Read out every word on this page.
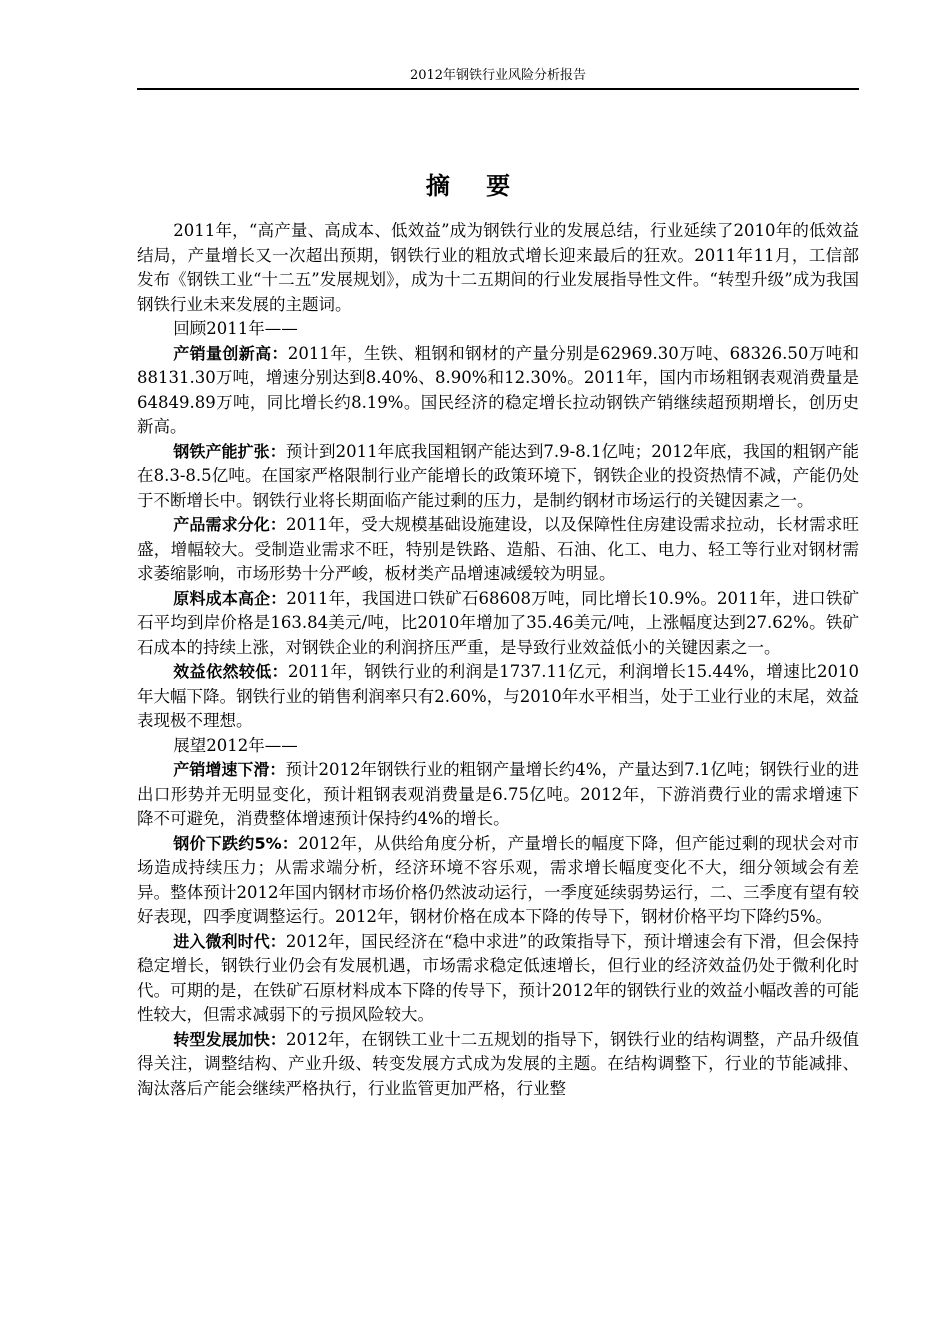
2012年钢铁行业风险分析报告
摘 要

2011年，“高产量、高成本、低效益”成为钢铁行业的发展总结，行业延续了2010年的低效益结局，产量增长又一次超出预期，钢铁行业的粗放式增长迎来最后的狂欢。2011年11月，工信部发布《钢铁工业“十二五”发展规划》，成为十二五期间的行业发展指导性文件。“转型升级”成为我国钢铁行业未来发展的主题词。

回顾2011年——

产销量创新高：2011年，生铁、粗钢和钢材的产量分别是62969.30万吨、68326.50万吨和88131.30万吨，增速分别达到8.40%、8.90%和12.30%。2011年，国内市场粗钢表观消费量是64849.89万吨，同比增长约8.19%。国民经济的稳定增长拉动钢铁产销继续超预期增长，创历史新高。

钢铁产能扩张：预计到2011年底我国粗钢产能达到7.9-8.1亿吨；2012年底，我国的粗钢产能在8.3-8.5亿吨。在国家严格限制行业产能增长的政策环境下，钢铁企业的投资热情不减，产能仍处于不断增长中。钢铁行业将长期面临产能过剩的压力，是制约钢材市场运行的关键因素之一。

产品需求分化：2011年，受大规模基础设施建设，以及保障性住房建设需求拉动，长材需求旺盛，增幅较大。受制造业需求不旺，特别是铁路、造船、石油、化工、电力、轻工等行业对钢材需求萎缩影响，市场形势十分严峻，板材类产品增速减缓较为明显。

原料成本高企：2011年，我国进口铁矿石68608万吨，同比增长10.9%。2011年，进口铁矿石平均到岸价格是163.84美元/吨，比2010年增加了35.46美元/吨，上涨幅度达到27.62%。铁矿石成本的持续上涨，对钢铁企业的利润挤压严重，是导致行业效益低小的关键因素之一。

效益依然较低：2011年，钢铁行业的利润是1737.11亿元，利润增长15.44%，增速比2010年大幅下降。钢铁行业的销售利润率只有2.60%，与2010年水平相当，处于工业行业的末尾，效益表现极不理想。

展望2012年——

产销增速下滑：预计2012年钢铁行业的粗钢产量增长约4%，产量达到7.1亿吨；钢铁行业的进出口形势并无明显变化，预计粗钢表观消费量是6.75亿吨。2012年，下游消费行业的需求增速下降不可避免，消费整体增速预计保持约4%的增长。

钢价下跌约5%：2012年，从供给角度分析，产量增长的幅度下降，但产能过剩的现状会对市场造成持续压力；从需求端分析，经济环境不容乐观，需求增长幅度变化不大，细分领域会有差异。整体预计2012年国内钢材市场价格仍然波动运行，一季度延续弱势运行，二、三季度有望有较好表现，四季度调整运行。2012年，钢材价格在成本下降的传导下，钢材价格平均下降约5%。

进入微利时代：2012年，国民经济在“稳中求进”的政策指导下，预计增速会有下滑，但会保持稳定增长，钢铁行业仍会有发展机遇，市场需求稳定低速增长，但行业的经济效益仍处于微利化时代。可期的是，在铁矿石原材料成本下降的传导下，预计2012年的钢铁行业的效益小幅改善的可能性较大，但需求减弱下的亏损风险较大。

转型发展加快：2012年，在钢铁工业十二五规划的指导下，钢铁行业的结构调整，产品升级值得关注，调整结构、产业升级、转变发展方式成为发展的主题。在结构调整下，行业的节能减排、淘汰落后产能会继续严格执行，行业监管更加严格，行业整
